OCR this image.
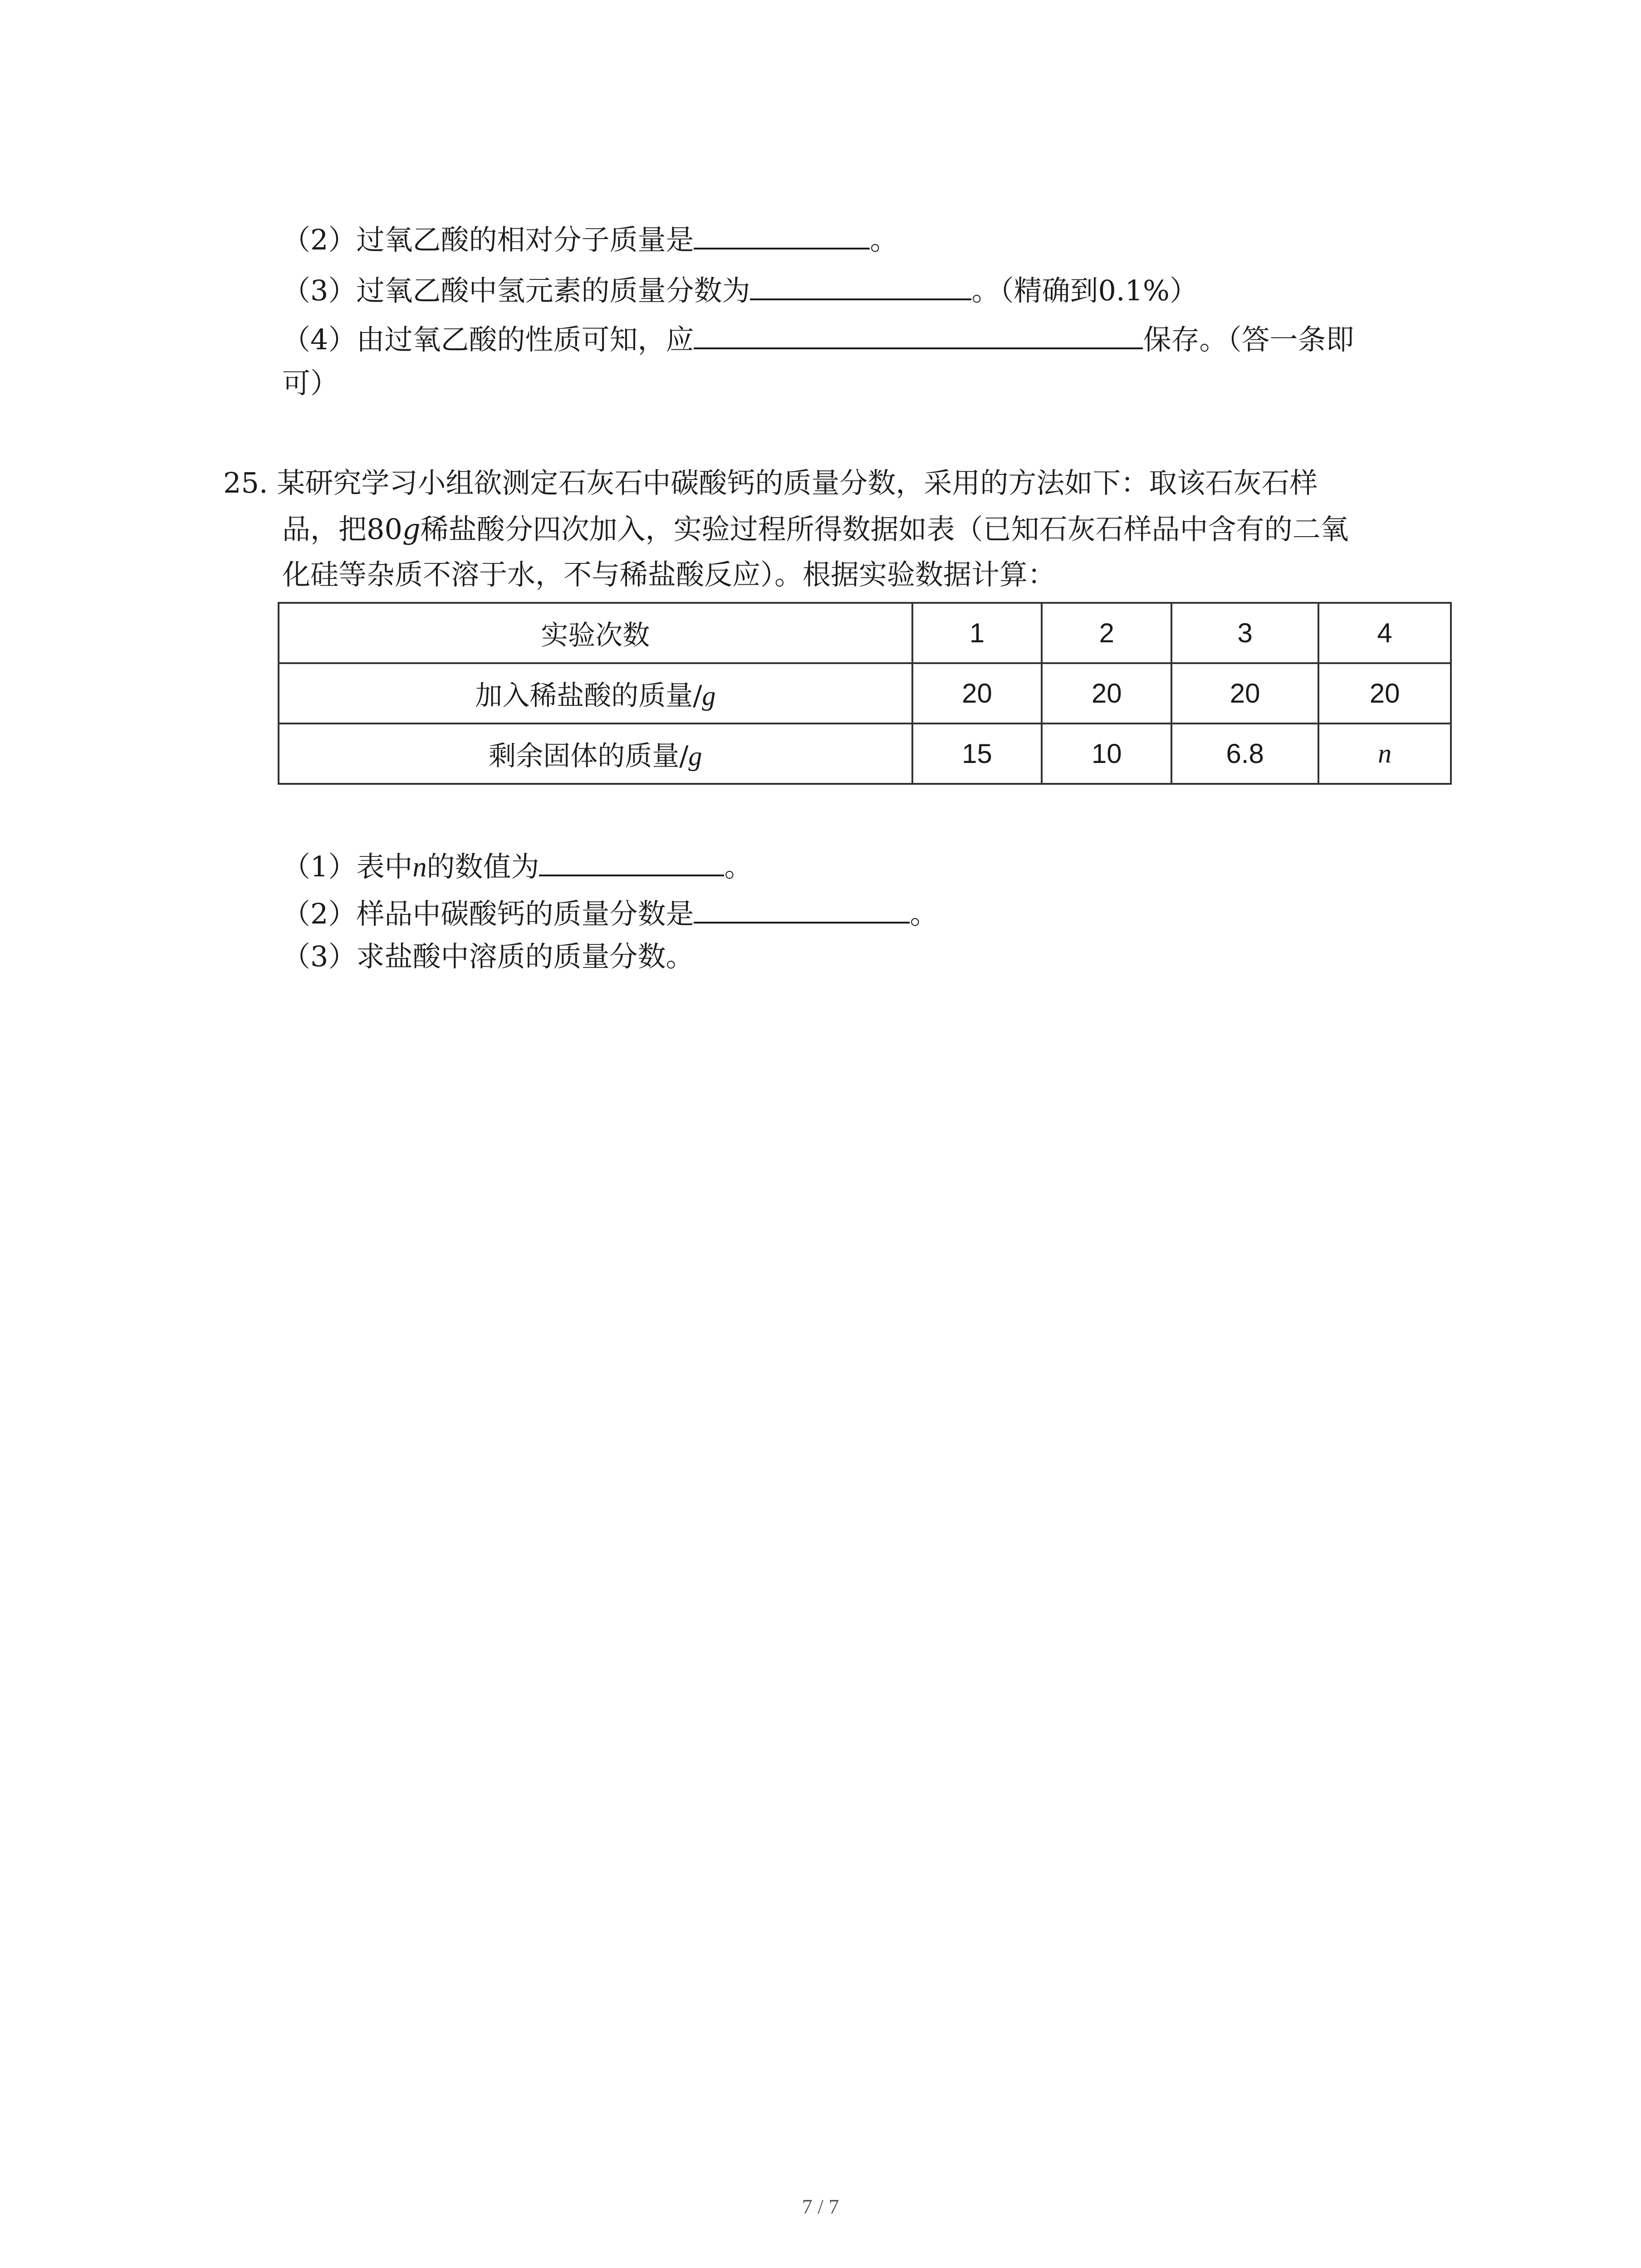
（2）过氧乙酸的相对分子质量是	。
（3）过氧乙酸中氢元素的质量分数为	。（精确到0.1%）
（4）由过氧乙酸的性质可知，应	保存。（答一条即
可）
25. 某研究学习小组欲测定石灰石中碳酸钙的质量分数，采用的方法如下：取该石灰石样
品，把80g稀盐酸分四次加入，实验过程所得数据如表（已知石灰石样品中含有的二氧
化硅等杂质不溶于水，不与稀盐酸反应）。根据实验数据计算：
实验次数	1	2	3	4
加入稀盐酸的质量/g	20	20	20	20
剩余固体的质量/g	15	10	6.8	n
（1）表中n的数值为	。
（2）样品中碳酸钙的质量分数是	。
（3）求盐酸中溶质的质量分数。
7 / 7
